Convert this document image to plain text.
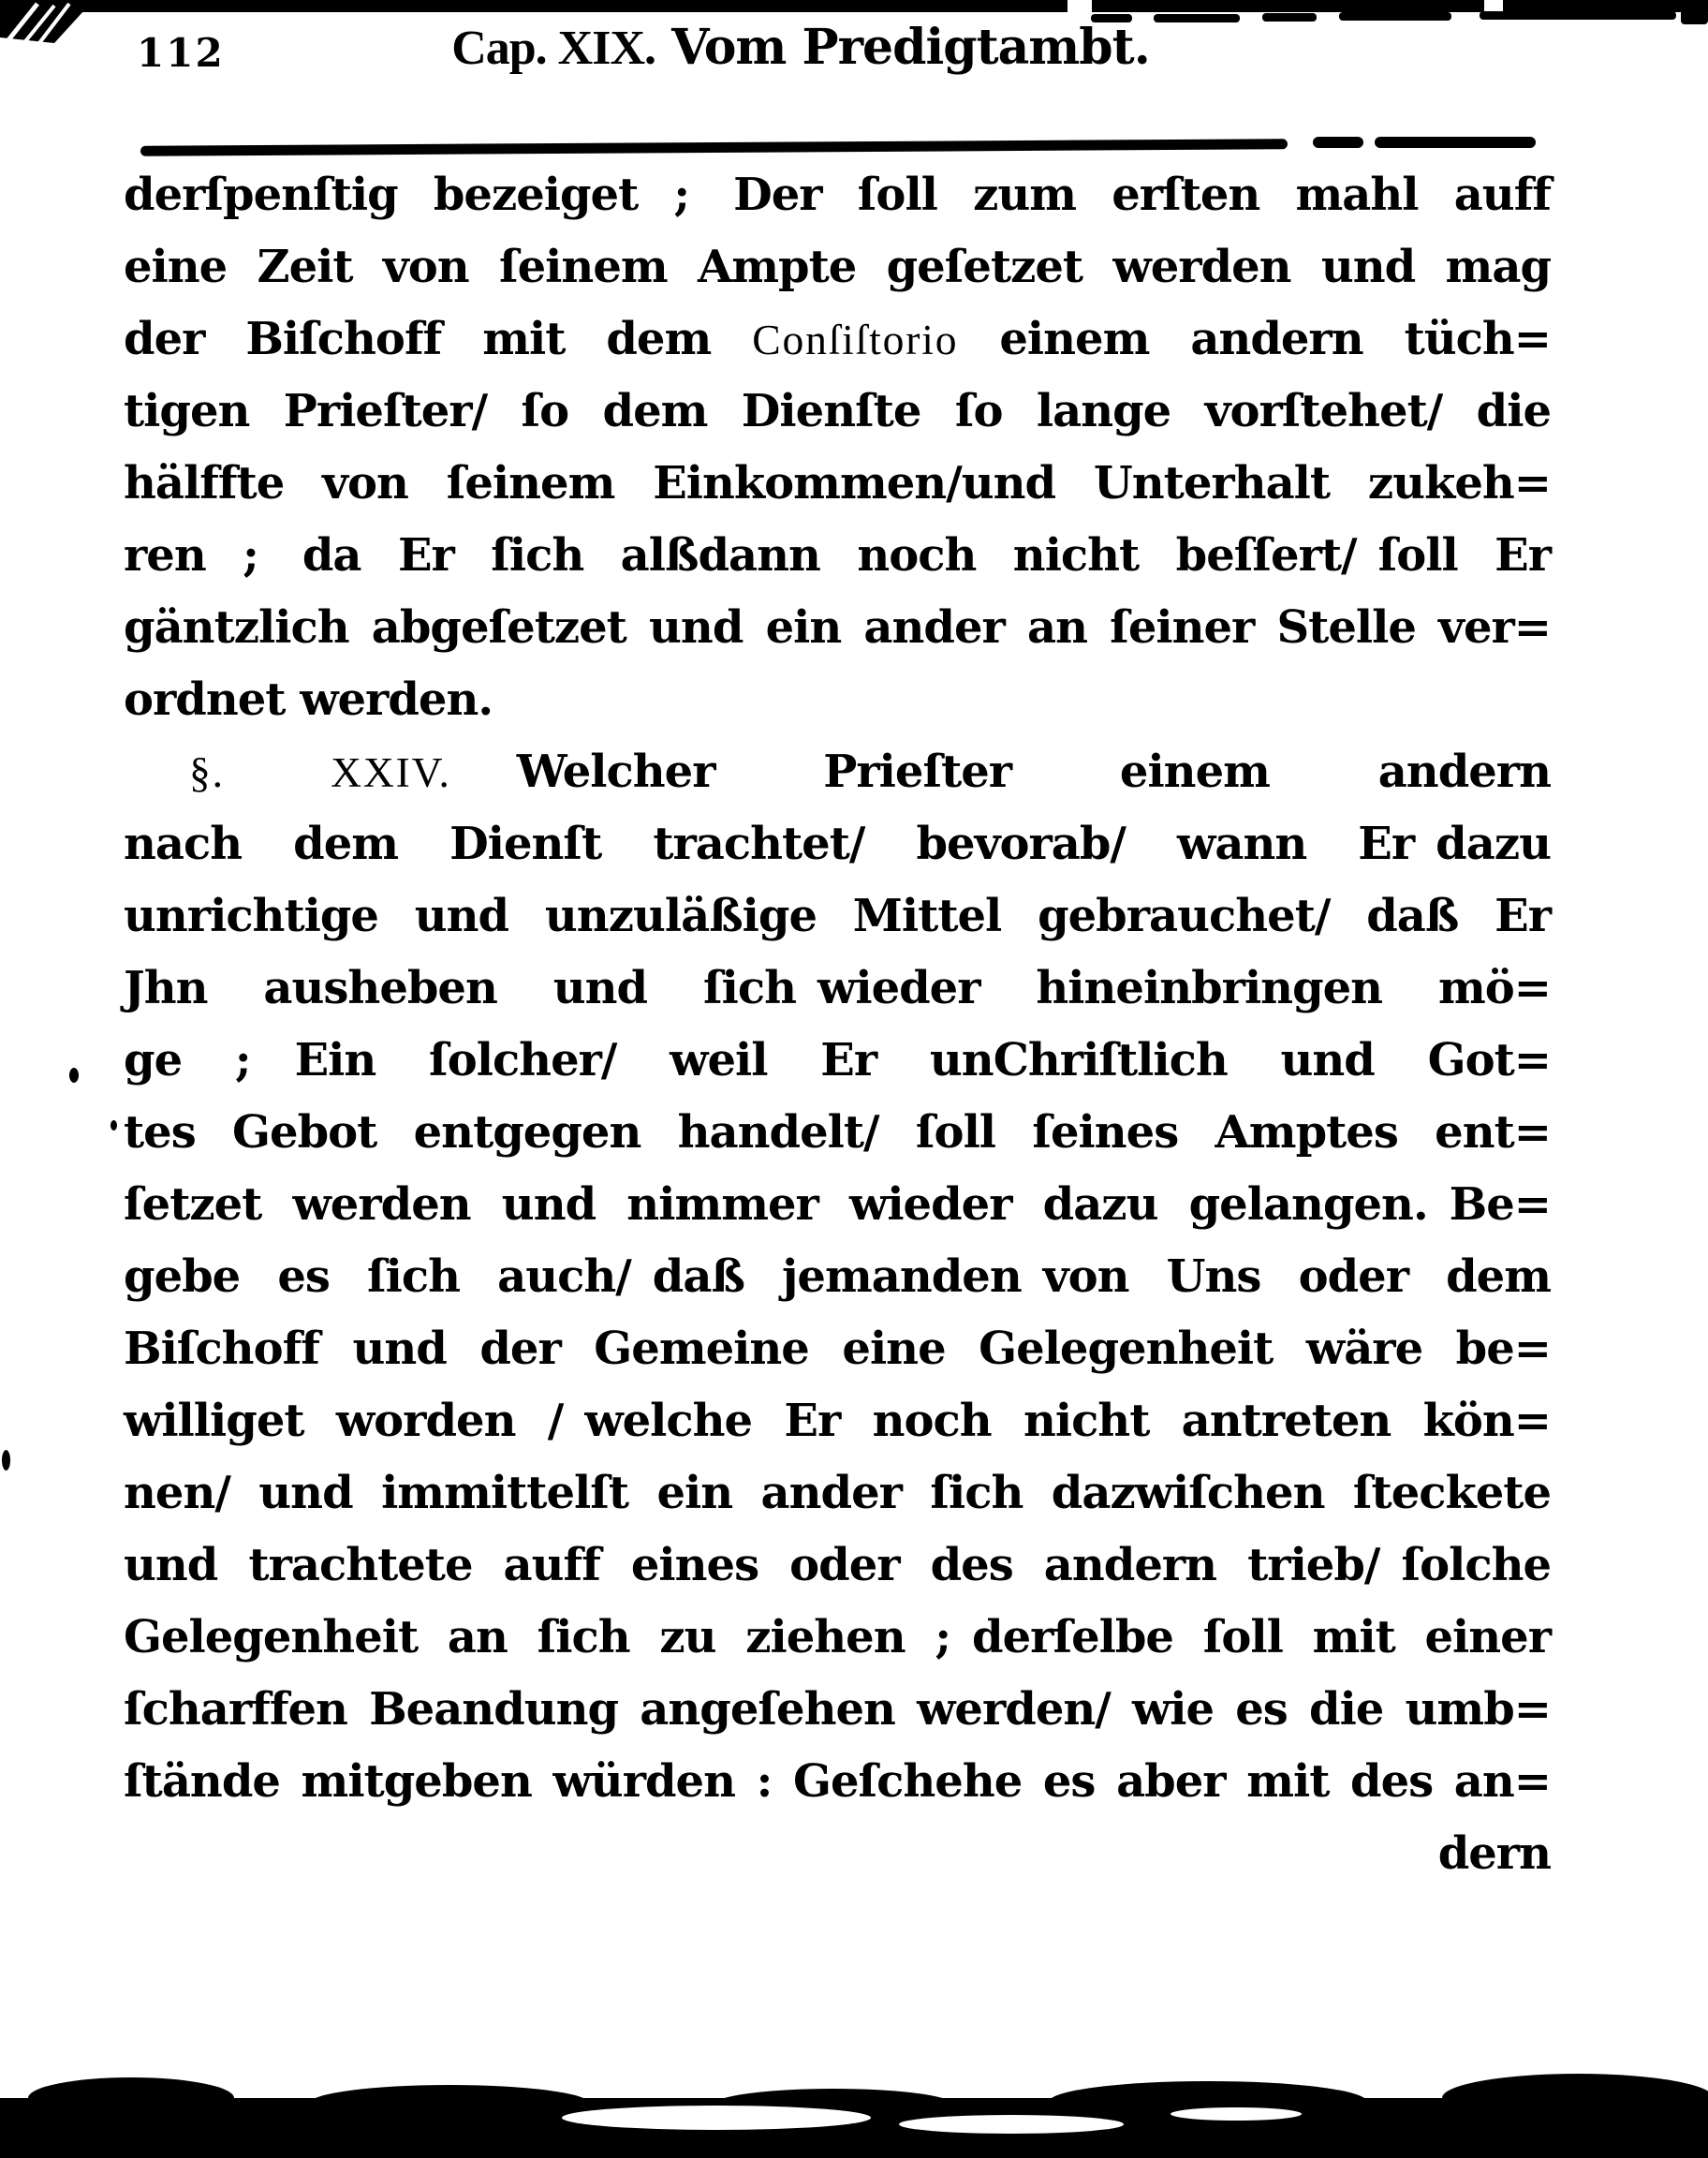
112	Cap. XIX. Vom Predigtambt.
derſpenſtig bezeiget ; Der ſoll zum erſten mahl auff
eine Zeit von ſeinem Ampte geſetzet werden und mag
der Biſchoff mit dem Conſiſtorio einem andern tüch=
tigen Prieſter/ ſo dem Dienſte ſo lange vorſtehet/ die
hälffte von ſeinem Einkommen/und Unterhalt zukeh=
ren ; da Er ſich alßdann noch nicht beſſert/ ſoll Er
gäntzlich abgeſetzet und ein ander an ſeiner Stelle ver=
ordnet werden.
  §. XXIV.  Welcher Prieſter einem andern
nach dem Dienſt trachtet/ bevorab/ wann Er dazu
unrichtige und unzuläßige Mittel gebrauchet/ daß Er
Jhn ausheben und ſich wieder hineinbringen mö=
ge ; Ein ſolcher/ weil Er unChriſtlich und Got=
tes Gebot entgegen handelt/ ſoll ſeines Amptes ent=
ſetzet werden und nimmer wieder dazu gelangen. Be=
gebe es ſich auch/ daß jemanden von Uns oder dem
Biſchoff und der Gemeine eine Gelegenheit wäre be=
williget worden / welche Er noch nicht antreten kön=
nen/ und immittelſt ein ander ſich dazwiſchen ſteckete
und trachtete auff eines oder des andern trieb/ ſolche
Gelegenheit an ſich zu ziehen ; derſelbe ſoll mit einer
ſcharffen Beandung angeſehen werden/ wie es die umb=
ſtände mitgeben würden : Geſchehe es aber mit des an=
dern
